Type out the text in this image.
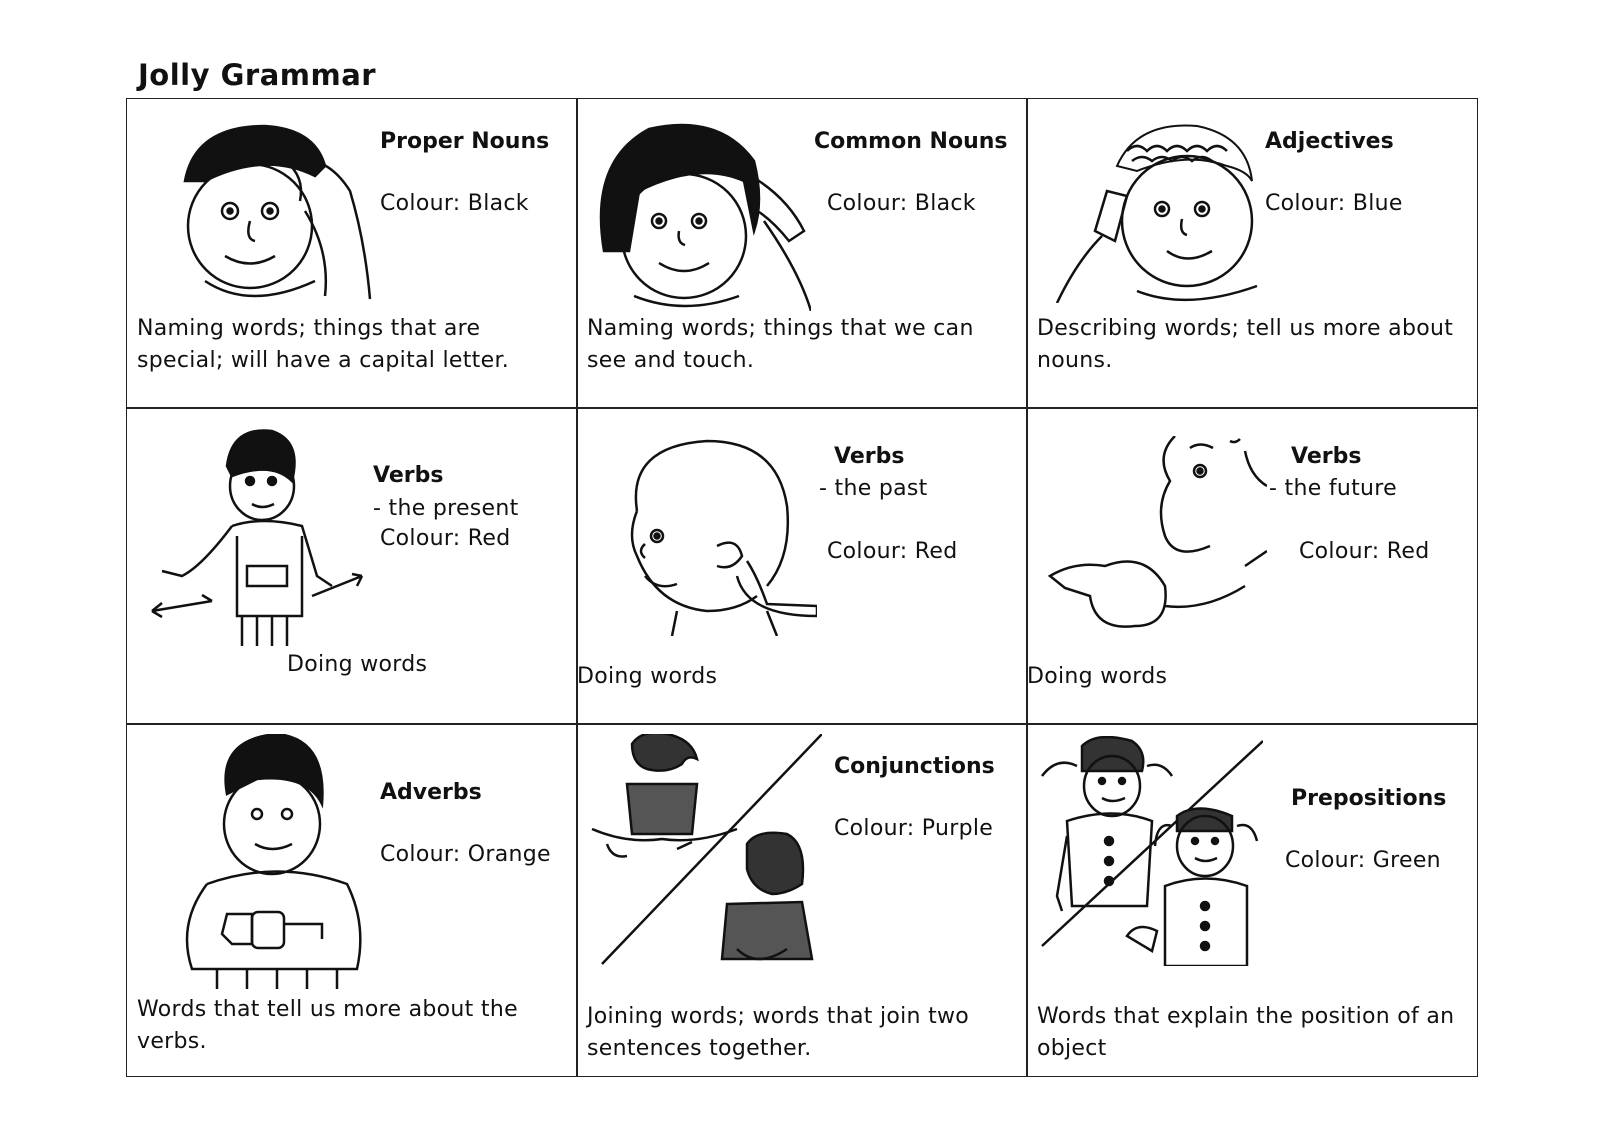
Jolly Grammar
Proper Nouns
Colour: Black
Naming words; things that are special; will have a capital letter.
Common Nouns
Colour: Black
Naming words; things that we can see and touch.
Adjectives
Colour: Blue
Describing words; tell us more about nouns.
Verbs
- the present
Colour: Red
Doing words
Verbs
- the past
Colour: Red
Doing words
Verbs
- the future
Colour: Red
Doing words
Adverbs
Colour: Orange
Words that tell us more about the verbs.
Conjunctions
Colour: Purple
Joining words; words that join two sentences together.
Prepositions
Colour: Green
Words that explain the position of an object
